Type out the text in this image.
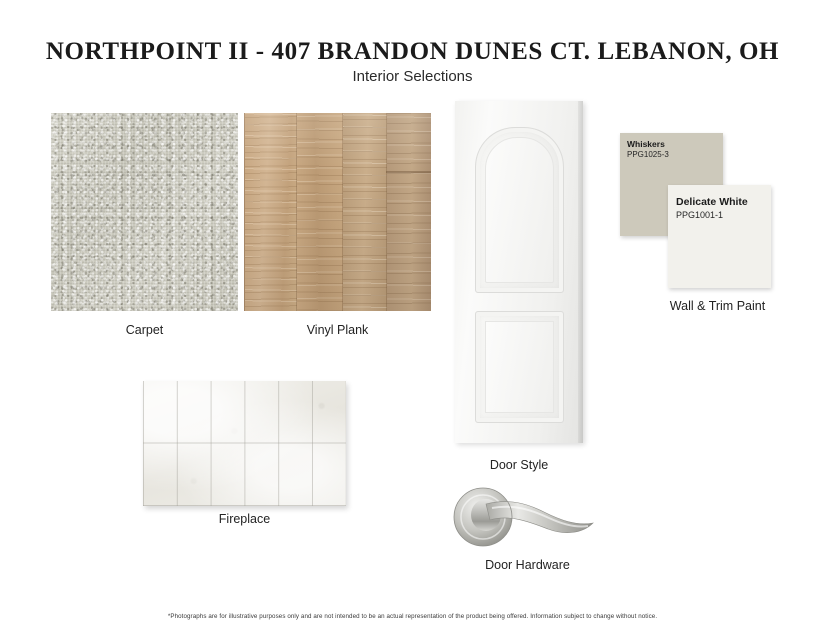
NORTHPOINT II - 407 BRANDON DUNES CT. LEBANON, OH
Interior Selections
Carpet	Vinyl Plank
Fireplace
Door Style
Whiskers
PPG1025-3
Delicate White
PPG1001-1
Wall & Trim Paint
Door Hardware
*Photographs are for illustrative purposes only and are not intended to be an actual representation of the product being offered. Information subject to change without notice.
